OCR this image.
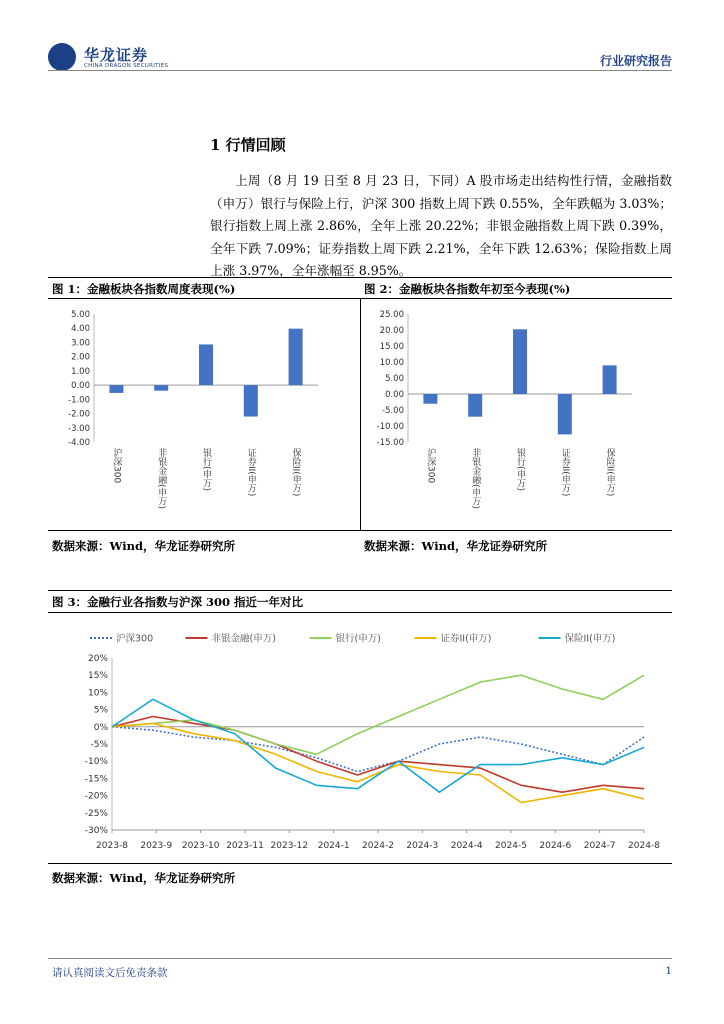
华龙证券
CHINA DRAGON SECURITIES	行业研究报告
1 行情回顾
上周（8 月 19 日至 8 月 23 日，下同）A 股市场走出结构性行情，金融指数（申万）银行与保险上行，沪深 300 指数上周下跌 0.55%，全年跌幅为 3.03%；银行指数上周上涨 2.86%，全年上涨 20.22%；非银金融指数上周下跌 0.39%，全年下跌 7.09%；证券指数上周下跌 2.21%，全年下跌 12.63%；保险指数上周上涨 3.97%，全年涨幅至 8.95%。
图 1：金融板块各指数周度表现(%)	图 2：金融板块各指数年初至今表现(%)
-4.00
-3.00
-2.00
-1.00
0.00
1.00
2.00
3.00
4.00
5.00
沪深300	非银金融(申万)	银行(申万)	证券II(申万)	保险II(申万)
-15.00
-10.00
-5.00
0.00
5.00
10.00
15.00
20.00
25.00
沪深300	非银金融(申万)	银行(申万)	证券II(申万)	保险II(申万)
数据来源：Wind，华龙证券研究所	数据来源：Wind，华龙证券研究所
图 3：金融行业各指数与沪深 300 指近一年对比
沪深300	非银金融(申万)	银行(申万)	证券II(申万)	保险II(申万)
-30%
-25%
-20%
-15%
-10%
-5%
0%
5%
10%
15%
20%
2023-8 2023-9 2023-10 2023-11 2023-12 2024-1 2024-2 2024-3 2024-4 2024-5 2024-6 2024-7 2024-8
数据来源：Wind，华龙证券研究所
请认真阅读文后免责条款	1
